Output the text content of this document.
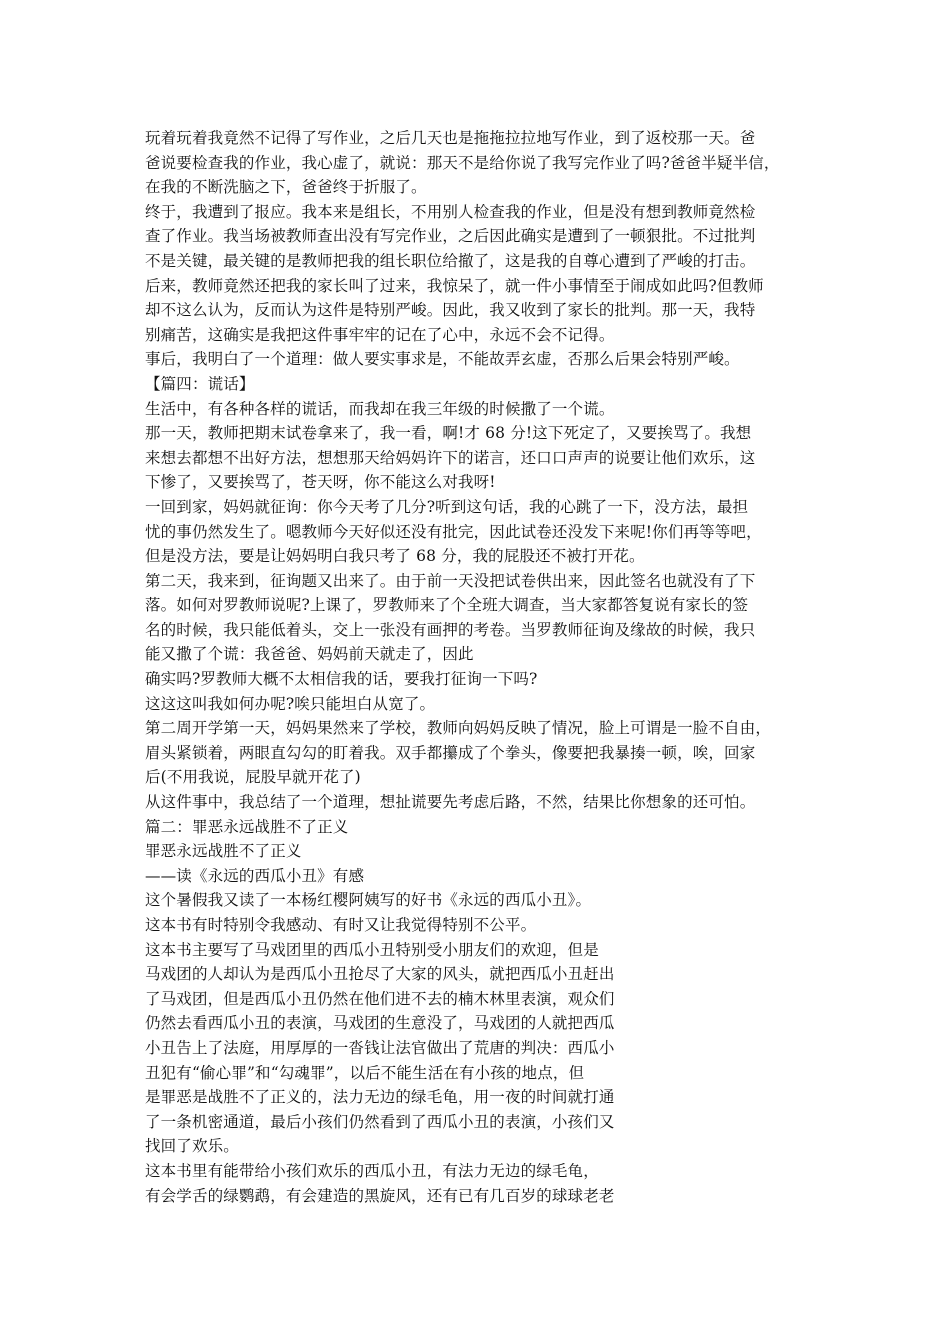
玩着玩着我竟然不记得了写作业，之后几天也是拖拖拉拉地写作业，到了返校那一天。爸
爸说要检查我的作业，我心虚了，就说：那天不是给你说了我写完作业了吗?爸爸半疑半信，
在我的不断洗脑之下，爸爸终于折服了。
终于，我遭到了报应。我本来是组长，不用别人检查我的作业，但是没有想到教师竟然检
查了作业。我当场被教师查出没有写完作业，之后因此确实是遭到了一顿狠批。不过批判
不是关键，最关键的是教师把我的组长职位给撤了，这是我的自尊心遭到了严峻的打击。
后来，教师竟然还把我的家长叫了过来，我惊呆了，就一件小事情至于闹成如此吗?但教师
却不这么认为，反而认为这件是特别严峻。因此，我又收到了家长的批判。那一天，我特
别痛苦，这确实是我把这件事牢牢的记在了心中，永远不会不记得。
事后，我明白了一个道理：做人要实事求是，不能故弄玄虚，否那么后果会特别严峻。
【篇四：谎话】
生活中，有各种各样的谎话，而我却在我三年级的时候撒了一个谎。
那一天，教师把期末试卷拿来了，我一看，啊!才 68 分!这下死定了，又要挨骂了。我想
来想去都想不出好方法，想想那天给妈妈许下的诺言，还口口声声的说要让他们欢乐，这
下惨了，又要挨骂了，苍天呀，你不能这么对我呀!
一回到家，妈妈就征询：你今天考了几分?听到这句话，我的心跳了一下，没方法，最担
忧的事仍然发生了。嗯教师今天好似还没有批完，因此试卷还没发下来呢!你们再等等吧，
但是没方法，要是让妈妈明白我只考了 68 分，我的屁股还不被打开花。
第二天，我来到，征询题又出来了。由于前一天没把试卷供出来，因此签名也就没有了下
落。如何对罗教师说呢?上课了，罗教师来了个全班大调查，当大家都答复说有家长的签
名的时候，我只能低着头，交上一张没有画押的考卷。当罗教师征询及缘故的时候，我只
能又撒了个谎：我爸爸、妈妈前天就走了，因此
确实吗?罗教师大概不太相信我的话，要我打征询一下吗?
这这这叫我如何办呢?唉只能坦白从宽了。
第二周开学第一天，妈妈果然来了学校，教师向妈妈反映了情况，脸上可谓是一脸不自由，
眉头紧锁着，两眼直勾勾的盯着我。双手都攥成了个拳头，像要把我暴揍一顿，唉，回家
后(不用我说，屁股早就开花了)
从这件事中，我总结了一个道理，想扯谎要先考虑后路，不然，结果比你想象的还可怕。
篇二：罪恶永远战胜不了正义
罪恶永远战胜不了正义
——读《永远的西瓜小丑》有感
这个暑假我又读了一本杨红樱阿姨写的好书《永远的西瓜小丑》。
这本书有时特别令我感动、有时又让我觉得特别不公平。
这本书主要写了马戏团里的西瓜小丑特别受小朋友们的欢迎，但是
马戏团的人却认为是西瓜小丑抢尽了大家的风头，就把西瓜小丑赶出
了马戏团，但是西瓜小丑仍然在他们进不去的楠木林里表演，观众们
仍然去看西瓜小丑的表演，马戏团的生意没了，马戏团的人就把西瓜
小丑告上了法庭，用厚厚的一沓钱让法官做出了荒唐的判决：西瓜小
丑犯有“偷心罪”和“勾魂罪”，以后不能生活在有小孩的地点，但
是罪恶是战胜不了正义的，法力无边的绿毛龟，用一夜的时间就打通
了一条机密通道，最后小孩们仍然看到了西瓜小丑的表演，小孩们又
找回了欢乐。
这本书里有能带给小孩们欢乐的西瓜小丑，有法力无边的绿毛龟，
有会学舌的绿鹦鹉，有会建造的黑旋风，还有已有几百岁的球球老老
